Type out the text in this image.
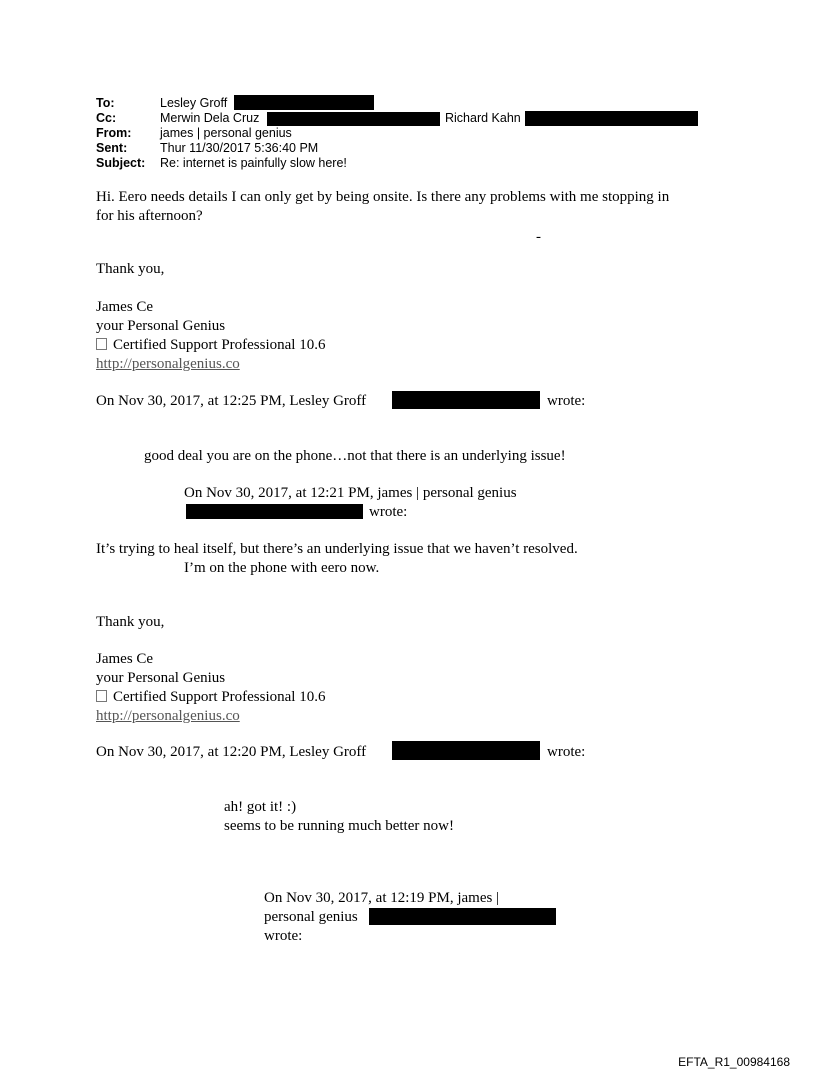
To:	Lesley Groff
Cc:	Merwin Dela Cruz	Richard Kahn
From: james | personal genius
Sent:	Thur 11/30/2017 5:36:40 PM
Subject: Re: internet is painfully slow here!
Hi. Eero needs details I can only get by being onsite. Is there any problems with me stopping in
for his afternoon?
-
Thank you,
James Ce
your Personal Genius
Certified Support Professional 10.6
http://personalgenius.co
On Nov 30, 2017, at 12:25 PM, Lesley Groff	wrote:
good deal you are on the phone…not that there is an underlying issue!
On Nov 30, 2017, at 12:21 PM, james | personal genius
wrote:
It’s trying to heal itself, but there’s an underlying issue that we haven’t resolved.
I’m on the phone with eero now.
Thank you,
James Ce
your Personal Genius
Certified Support Professional 10.6
http://personalgenius.co
On Nov 30, 2017, at 12:20 PM, Lesley Groff	wrote:
ah! got it! :)
seems to be running much better now!
On Nov 30, 2017, at 12:19 PM, james |
personal genius
wrote:
EFTA_R1_00984168
